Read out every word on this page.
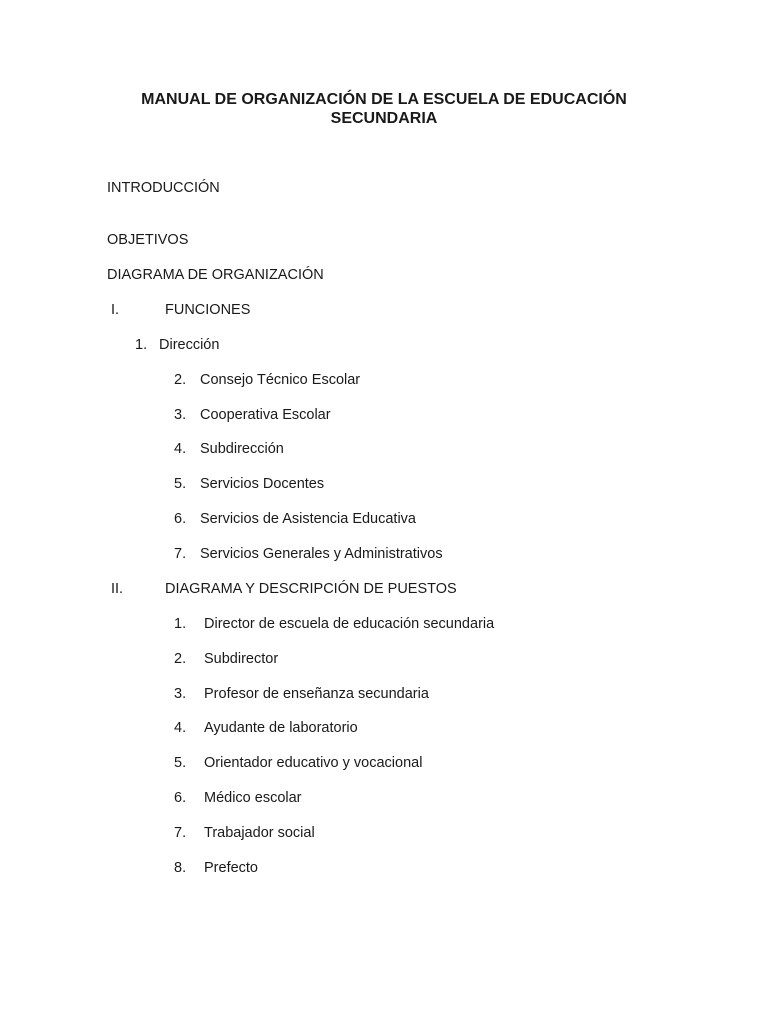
MANUAL DE ORGANIZACIÓN DE LA ESCUELA DE EDUCACIÓN
SECUNDARIA
INTRODUCCIÓN
OBJETIVOS
DIAGRAMA DE ORGANIZACIÓN
I.	FUNCIONES
1. Dirección
2. Consejo Técnico Escolar
3. Cooperativa Escolar
4. Subdirección
5. Servicios Docentes
6. Servicios de Asistencia Educativa
7. Servicios Generales y Administrativos
II.	DIAGRAMA Y DESCRIPCIÓN DE PUESTOS
1. Director de escuela de educación secundaria
2. Subdirector
3. Profesor de enseñanza secundaria
4. Ayudante de laboratorio
5. Orientador educativo y vocacional
6. Médico escolar
7. Trabajador social
8. Prefecto
